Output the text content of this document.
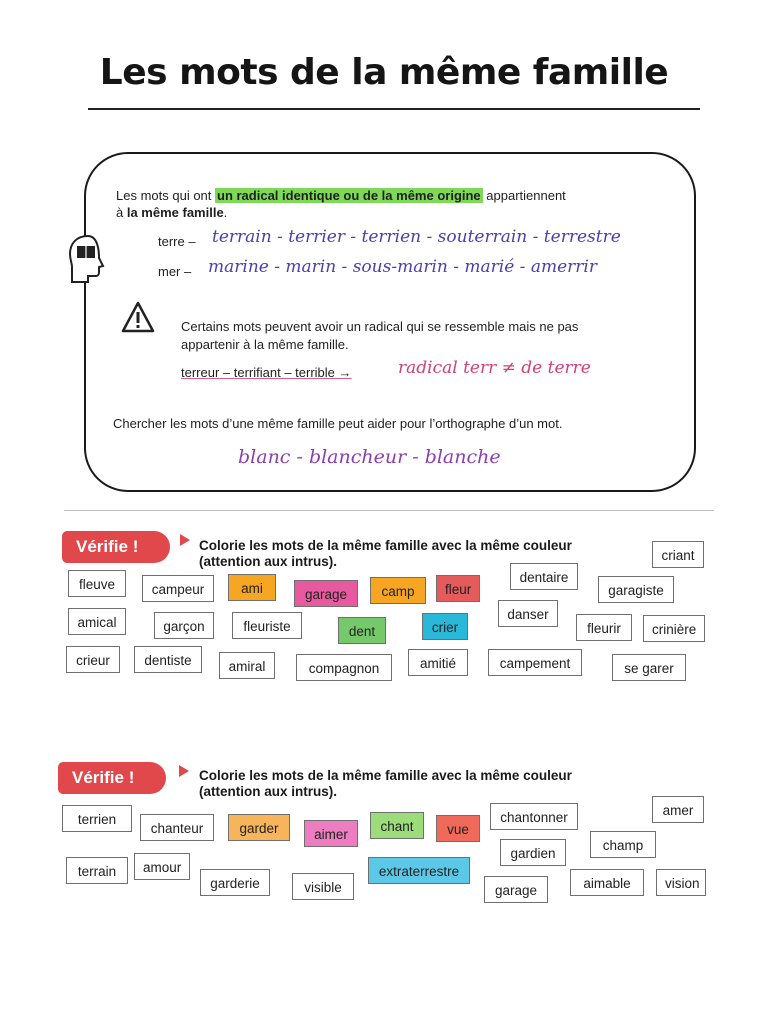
Les mots de la même famille
Les mots qui ont un radical identique ou de la même origine appartiennent
à la même famille.
terre – terrain - terrier - terrien - souterrain - terrestre
mer – marine - marin - sous-marin - marié - amerrir
Certains mots peuvent avoir un radical qui se ressemble mais ne pas
appartenir à la même famille.
terreur – terrifiant – terrible →	radical terr ≠ de terre
Chercher les mots d’une même famille peut aider pour l’orthographe d’un mot.
blanc - blancheur - blanche
Vérifie !	Colorie les mots de la même famille avec la même couleur
(attention aux intrus).	criant
dentaire
garagiste
fleuve	campeur	ami	garage	camp	fleur
danser
fleurir	crinière
amical	garçon	fleuriste	dent	crier
crieur	dentiste	amiral	compagnon	amitié	campement	se garer
Vérifie !	Colorie les mots de la même famille avec la même couleur
(attention aux intrus).
amer
terrien
chanteur	garder	aimer
chant	vue
chantonner
champ
gardien
terrain	amour
garderie	visible
extraterrestre
garage	aimable	vision
